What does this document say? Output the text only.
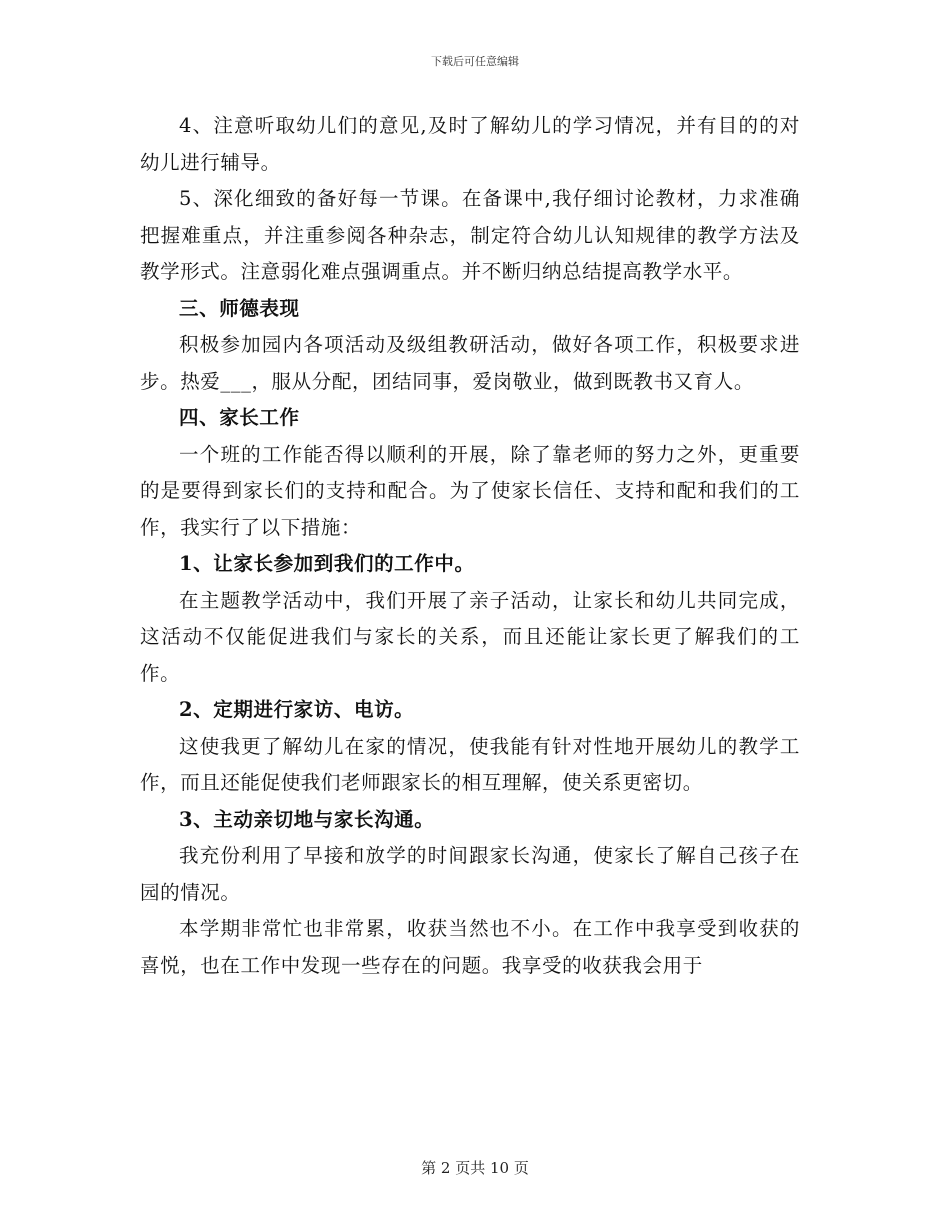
下载后可任意编辑

4、注意听取幼儿们的意见,及时了解幼儿的学习情况，并有目的的对幼儿进行辅导。

5、深化细致的备好每一节课。在备课中,我仔细讨论教材，力求准确把握难重点，并注重参阅各种杂志，制定符合幼儿认知规律的教学方法及教学形式。注意弱化难点强调重点。并不断归纳总结提高教学水平。

三、师德表现

积极参加园内各项活动及级组教研活动，做好各项工作，积极要求进步。热爱___，服从分配，团结同事，爱岗敬业，做到既教书又育人。

四、家长工作

一个班的工作能否得以顺利的开展，除了靠老师的努力之外，更重要的是要得到家长们的支持和配合。为了使家长信任、支持和配和我们的工作，我实行了以下措施：

1、让家长参加到我们的工作中。

在主题教学活动中，我们开展了亲子活动，让家长和幼儿共同完成，这活动不仅能促进我们与家长的关系，而且还能让家长更了解我们的工作。

2、定期进行家访、电访。

这使我更了解幼儿在家的情况，使我能有针对性地开展幼儿的教学工作，而且还能促使我们老师跟家长的相互理解，使关系更密切。

3、主动亲切地与家长沟通。

我充份利用了早接和放学的时间跟家长沟通，使家长了解自己孩子在园的情况。

本学期非常忙也非常累，收获当然也不小。在工作中我享受到收获的喜悦，也在工作中发现一些存在的问题。我享受的收获我会用于

第 2 页共 10 页
